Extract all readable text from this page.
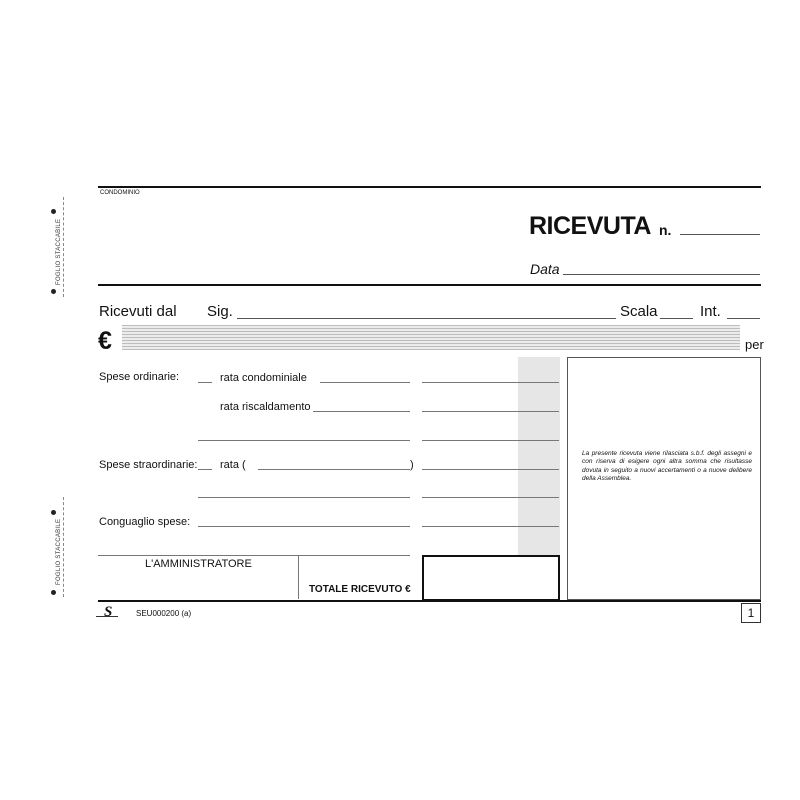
FOGLIO STACCABILE
FOGLIO STACCABILE
CONDOMINIO
RICEVUTA n.
Data
Ricevuti dal Sig.	Scala	Int.
€	per
Spese ordinarie:	rata condominiale
rata riscaldamento
Spese straordinarie: rata (	)
Conguaglio spese:
L'AMMINISTRATORE
TOTALE RICEVUTO €
La presente ricevuta viene rilasciata s.b.f. degli assegni e con riserva di esigere ogni altra somma che risultasse dovuta in seguito a nuovi accertamenti o a nuove delibere della Assemblea.
S	SEU000200 (a)	1
